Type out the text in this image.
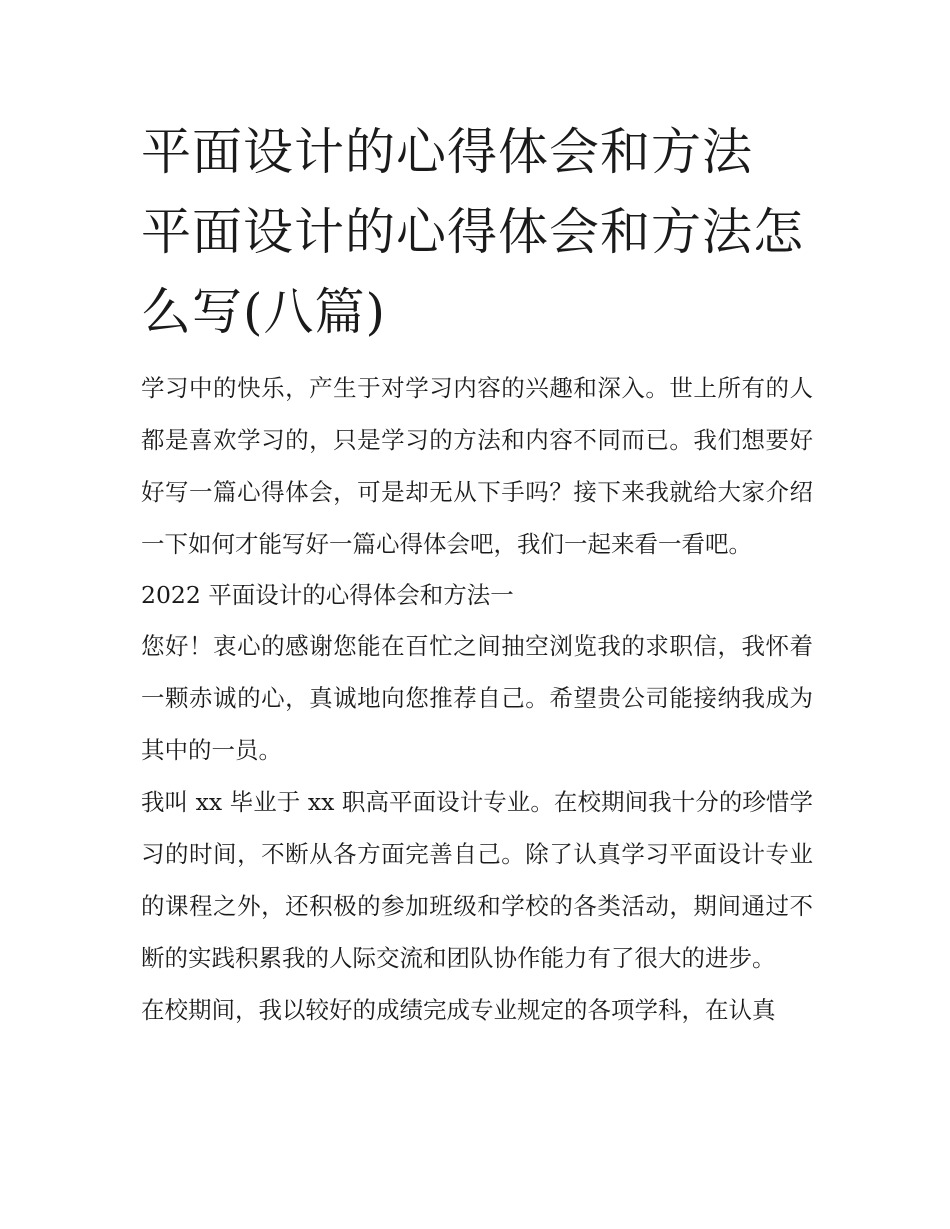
平面设计的心得体会和方法 平面设计的心得体会和方法怎么写(八篇)

学习中的快乐，产生于对学习内容的兴趣和深入。世上所有的人都是喜欢学习的，只是学习的方法和内容不同而已。我们想要好好写一篇心得体会，可是却无从下手吗？接下来我就给大家介绍一下如何才能写好一篇心得体会吧，我们一起来看一看吧。

2022 平面设计的心得体会和方法一

您好！衷心的感谢您能在百忙之间抽空浏览我的求职信，我怀着一颗赤诚的心，真诚地向您推荐自己。希望贵公司能接纳我成为其中的一员。

我叫 xx 毕业于 xx 职高平面设计专业。在校期间我十分的珍惜学习的时间，不断从各方面完善自己。除了认真学习平面设计专业的课程之外，还积极的参加班级和学校的各类活动，期间通过不断的实践积累我的人际交流和团队协作能力有了很大的进步。

在校期间，我以较好的成绩完成专业规定的各项学科，在认真
